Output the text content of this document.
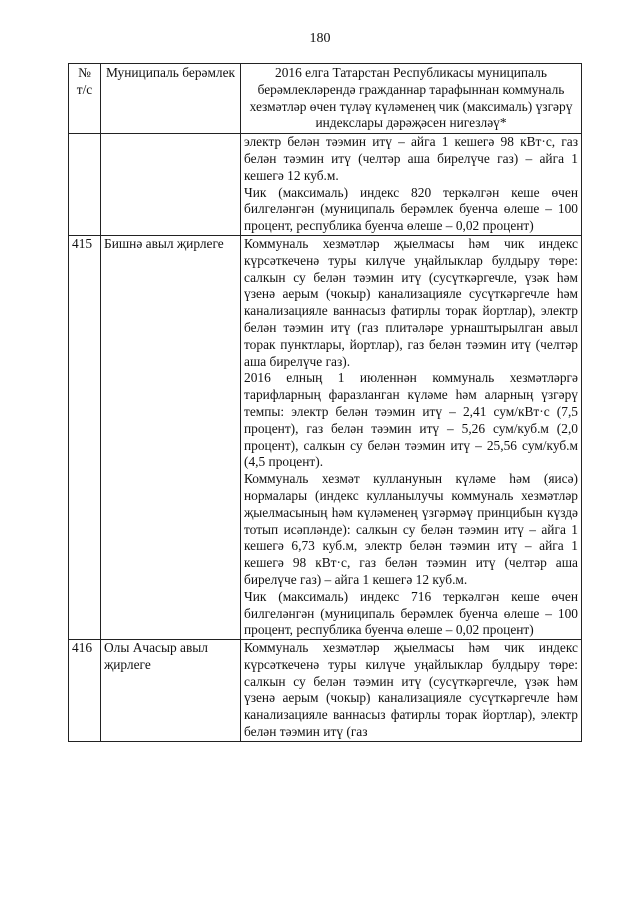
180
№ т/с	Муниципаль берәмлек	2016 елга Татарстан Республикасы муниципаль берәмлекләрендә гражданнар тарафыннан коммуналь хезмәтләр өчен түләү күләменең чик (максималь) үзгәрү индекслары дәрәҗәсен нигезләү*

		электр белән тәэмин итү – айга 1 кешегә 98 кВт·с, газ белән тәэмин итү (челтәр аша бирелүче газ) – айга 1 кешегә 12 куб.м.

Чик (максималь) индекс 820 теркәлгән кеше өчен билгеләнгән (муниципаль берәмлек буенча өлеше – 100 процент, республика буенча өлеше – 0,02 процент)

415	Бишнә авыл җирлеге	Коммуналь хезмәтләр җыелмасы һәм чик индекс күрсәткеченә туры килүче уңайлыклар булдыру төре: салкын су белән тәэмин итү (сусүткәргечле, үзәк һәм үзенә аерым (чокыр) канализацияле сусүткәргечле һәм канализацияле ваннасыз фатирлы торак йортлар), электр белән тәэмин итү (газ плитәләре урнаштырылган авыл торак пунктлары, йортлар), газ белән тәэмин итү (челтәр аша бирелүче газ).

2016 елның 1 июленнән коммуналь хезмәтләргә тарифларның фаразланган күләме һәм аларның үзгәрү темпы: электр белән тәэмин итү – 2,41 сум/кВт·с (7,5 процент), газ белән тәэмин итү – 5,26 сум/куб.м (2,0 процент), салкын су белән тәэмин итү – 25,56 сум/куб.м (4,5 процент).

Коммуналь хезмәт кулланунын күләме һәм (яисә) нормалары (индекс кулланылучы коммуналь хезмәтләр җыелмасының һәм күләменең үзгәрмәү принцибын күздә тотып исәпләнде): салкын су белән тәэмин итү – айга 1 кешегә 6,73 куб.м, электр белән тәэмин итү – айга 1 кешегә 98 кВт·с, газ белән тәэмин итү (челтәр аша бирелүче газ) – айга 1 кешегә 12 куб.м.

Чик (максималь) индекс 716 теркәлгән кеше өчен билгеләнгән (муниципаль берәмлек буенча өлеше – 100 процент, республика буенча өлеше – 0,02 процент)

416	Олы Ачасыр авыл җирлеге	Коммуналь хезмәтләр җыелмасы һәм чик индекс күрсәткеченә туры килүче уңайлыклар булдыру төре: салкын су белән тәэмин итү (сусүткәргечле, үзәк һәм үзенә аерым (чокыр) канализацияле сусүткәргечле һәм канализацияле ваннасыз фатирлы торак йортлар), электр белән тәэмин итү (газ
